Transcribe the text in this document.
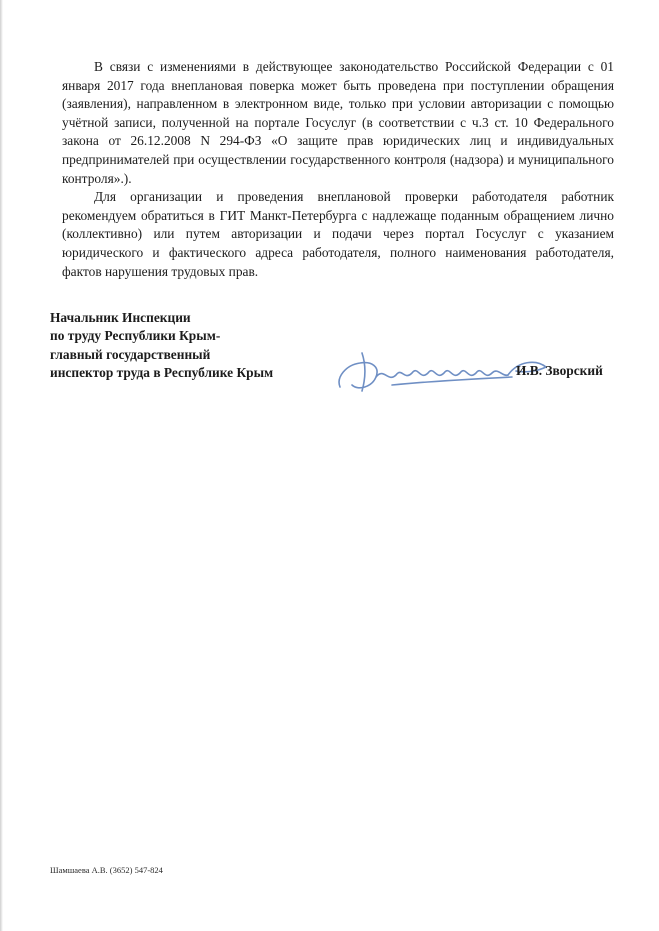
В связи с изменениями в действующее законодательство Российской Федерации с 01 января 2017 года внеплановая поверка может быть проведена при поступлении обращения (заявления), направленном в электронном виде, только при условии авторизации с помощью учётной записи, полученной на портале Госуслуг (в соответствии с ч.3 ст. 10 Федерального закона от 26.12.2008 N 294-ФЗ «О защите прав юридических лиц и индивидуальных предпринимателей при осуществлении государственного контроля (надзора) и муниципального контроля».).

Для организации и проведения внеплановой проверки работодателя работник рекомендуем обратиться в ГИТ Манкт-Петербурга с надлежаще поданным обращением лично (коллективно) или путем авторизации и подачи через портал Госуслуг с указанием юридического и фактического адреса работодателя, полного наименования работодателя, фактов нарушения трудовых прав.

Начальник Инспекции
по труду Республики Крым-
главный государственный
инспектор труда в Республике Крым	И.В. Зворский
Шамшаева А.В. (3652) 547-824
